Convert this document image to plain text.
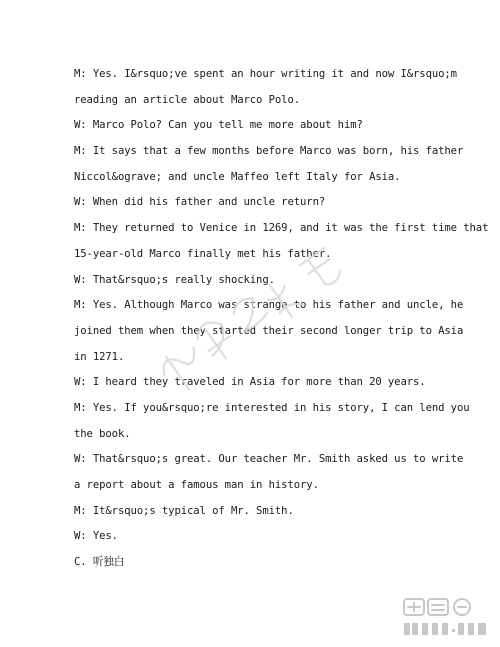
M: Yes. I&rsquo;ve spent an hour writing it and now I&rsquo;m
reading an article about Marco Polo.
W: Marco Polo? Can you tell me more about him?
M: It says that a few months before Marco was born, his father
Niccol&ograve; and uncle Maffeo left Italy for Asia.
W: When did his father and uncle return?
M: They returned to Venice in 1269, and it was the first time that
15-year-old Marco finally met his father.
W: That&rsquo;s really shocking.
M: Yes. Although Marco was strange to his father and uncle, he
joined them when they started their second longer trip to Asia
in 1271.
W: I heard they traveled in Asia for more than 20 years.
M: Yes. If you&rsquo;re interested in his story, I can lend you
the book.
W: That&rsquo;s great. Our teacher Mr. Smith asked us to write
a report about a famous man in history.
M: It&rsquo;s typical of Mr. Smith.
W: Yes.
C. 听独白
